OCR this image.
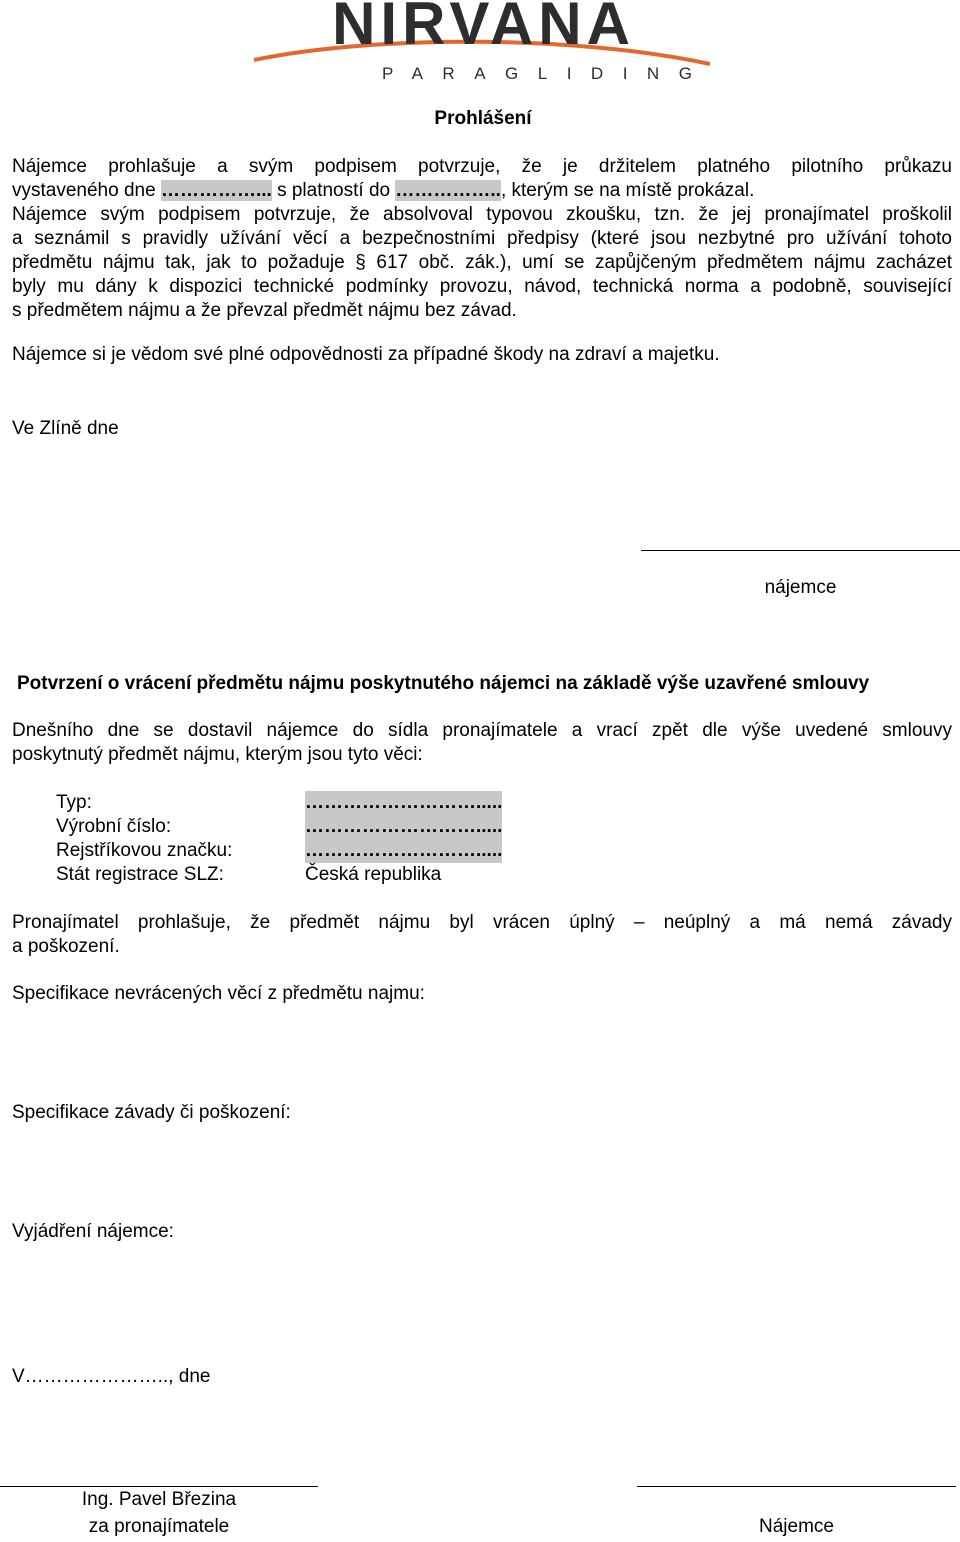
NIRVANA
PARAGLIDING
Prohlášení
Nájemce prohlašuje a svým podpisem potvrzuje, že je držitelem platného pilotního průkazu
vystaveného dne ……………... s platností do …………….., kterým se na místě prokázal.
Nájemce svým podpisem potvrzuje, že absolvoval typovou zkoušku, tzn. že jej pronajímatel proškolil
a seznámil s pravidly užívání věcí a bezpečnostními předpisy (které jsou nezbytné pro užívání tohoto
předmětu nájmu tak, jak to požaduje § 617 obč. zák.), umí se zapůjčeným předmětem nájmu zacházet
byly mu dány k dispozici technické podmínky provozu, návod, technická norma a podobně, související
s předmětem nájmu a že převzal předmět nájmu bez závad.
Nájemce si je vědom své plné odpovědnosti za případné škody na zdraví a majetku.
Ve Zlíně dne
nájemce
Potvrzení o vrácení předmětu nájmu poskytnutého nájemci na základě výše uzavřené smlouvy
Dnešního dne se dostavil nájemce do sídla pronajímatele a vrací zpět dle výše uvedené smlouvy
poskytnutý předmět nájmu, kterým jsou tyto věci:
Typ:	……………………….....
Výrobní číslo:	……………………….....
Rejstříkovou značku:	……………………….....
Stát registrace SLZ:	Česká republika
Pronajímatel prohlašuje, že předmět nájmu byl vrácen úplný – neúplný a má nemá závady
a poškození.
Specifikace nevrácených věcí z předmětu najmu:
Specifikace závady či poškození:
Vyjádření nájemce:
V………………….., dne
Ing. Pavel Březina
za pronajímatele	Nájemce
